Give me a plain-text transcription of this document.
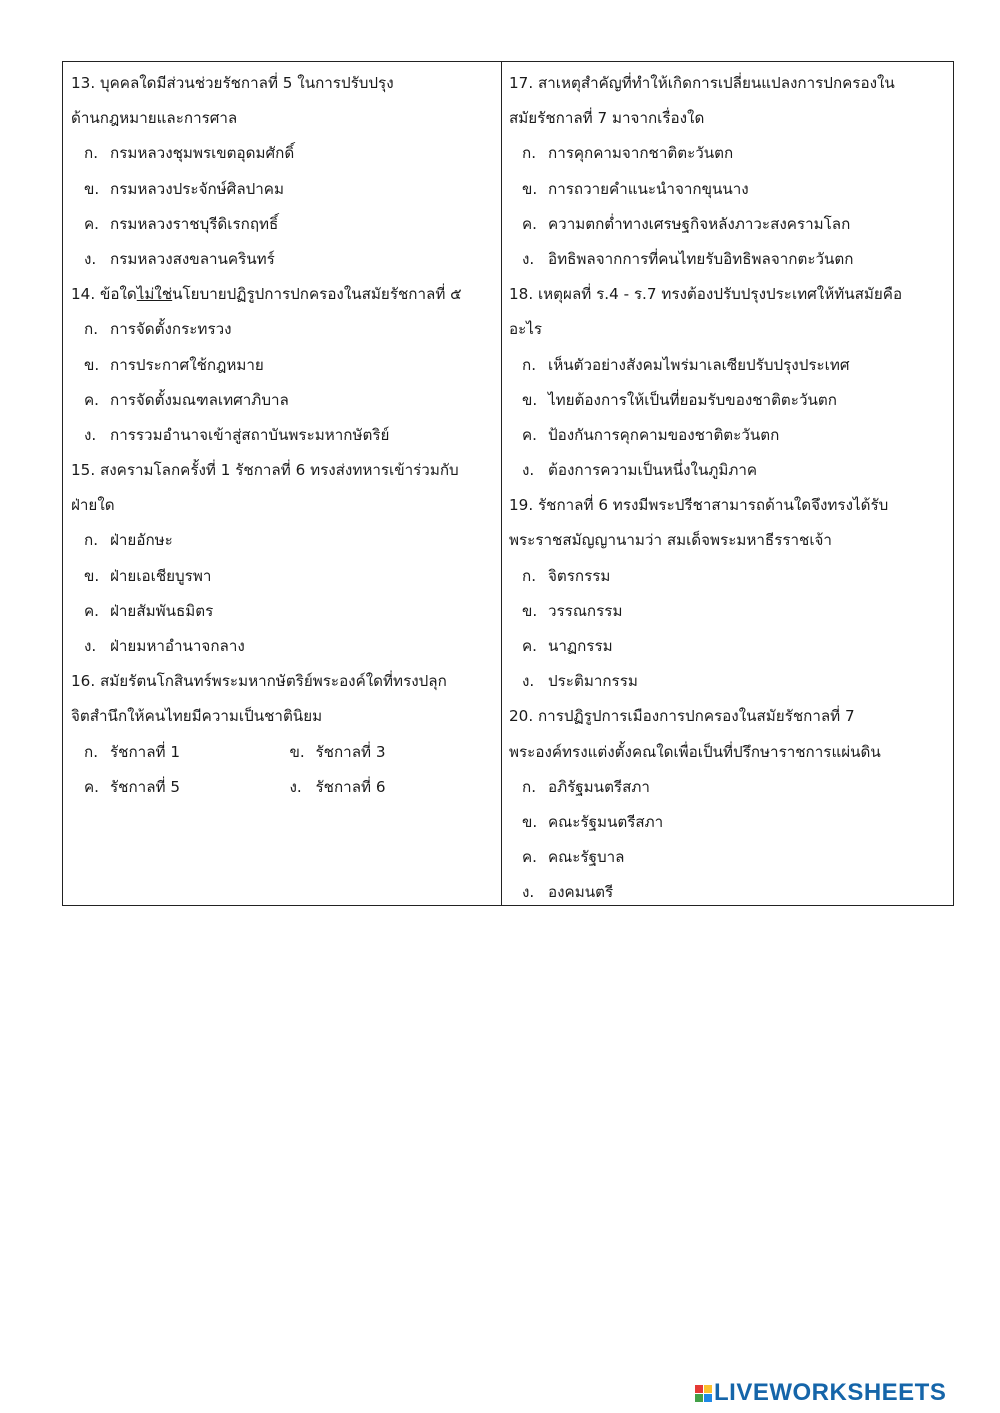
13. บุคคลใดมีส่วนช่วยรัชกาลที่ 5 ในการปรับปรุง
ด้านกฎหมายและการศาล
ก. กรมหลวงชุมพรเขตอุดมศักดิ์
ข. กรมหลวงประจักษ์ศิลปาคม
ค. กรมหลวงราชบุรีดิเรกฤทธิ์
ง. กรมหลวงสงขลานครินทร์
14. ข้อใดไม่ใช่นโยบายปฏิรูปการปกครองในสมัยรัชกาลที่ ๕
ก. การจัดตั้งกระทรวง
ข. การประกาศใช้กฎหมาย
ค. การจัดตั้งมณฑลเทศาภิบาล
ง. การรวมอำนาจเข้าสู่สถาบันพระมหากษัตริย์
15. สงครามโลกครั้งที่ 1 รัชกาลที่ 6 ทรงส่งทหารเข้าร่วมกับ
ฝ่ายใด
ก. ฝ่ายอักษะ
ข. ฝ่ายเอเชียบูรพา
ค. ฝ่ายสัมพันธมิตร
ง. ฝ่ายมหาอำนาจกลาง
16. สมัยรัตนโกสินทร์พระมหากษัตริย์พระองค์ใดที่ทรงปลุก
จิตสำนึกให้คนไทยมีความเป็นชาตินิยม
ก. รัชกาลที่ 1	ข. รัชกาลที่ 3
ค. รัชกาลที่ 5	ง. รัชกาลที่ 6
17. สาเหตุสำคัญที่ทำให้เกิดการเปลี่ยนแปลงการปกครองใน
สมัยรัชกาลที่ 7 มาจากเรื่องใด
ก. การคุกคามจากชาติตะวันตก
ข. การถวายคำแนะนำจากขุนนาง
ค. ความตกต่ำทางเศรษฐกิจหลังภาวะสงครามโลก
ง. อิทธิพลจากการที่คนไทยรับอิทธิพลจากตะวันตก
18. เหตุผลที่ ร.4 - ร.7 ทรงต้องปรับปรุงประเทศให้ทันสมัยคือ
อะไร
ก. เห็นตัวอย่างสังคมไพร่มาเลเซียปรับปรุงประเทศ
ข. ไทยต้องการให้เป็นที่ยอมรับของชาติตะวันตก
ค. ป้องกันการคุกคามของชาติตะวันตก
ง. ต้องการความเป็นหนึ่งในภูมิภาค
19. รัชกาลที่ 6 ทรงมีพระปรีชาสามารถด้านใดจึงทรงได้รับ
พระราชสมัญญานามว่า สมเด็จพระมหาธีรราชเจ้า
ก. จิตรกรรม
ข. วรรณกรรม
ค. นาฏกรรม
ง. ประติมากรรม
20. การปฏิรูปการเมืองการปกครองในสมัยรัชกาลที่ 7
พระองค์ทรงแต่งตั้งคณใดเพื่อเป็นที่ปรึกษาราชการแผ่นดิน
ก. อภิรัฐมนตรีสภา
ข. คณะรัฐมนตรีสภา
ค. คณะรัฐบาล
ง. องคมนตรี
LIVEWORKSHEETS
